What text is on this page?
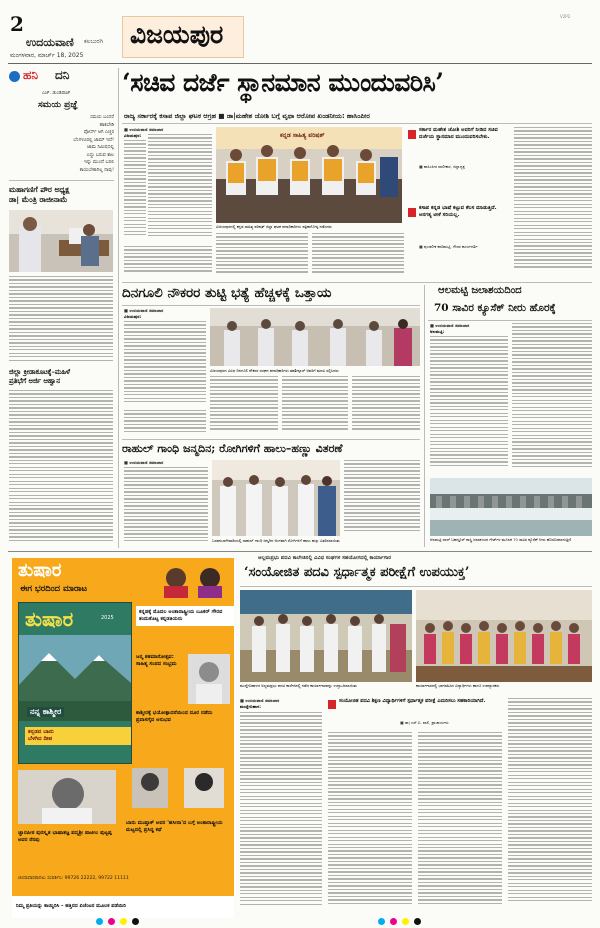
2
ಉದಯವಾಣಿ ಕಲಬುರಗಿ
ಮಂಗಳವಾರ, ಮಾರ್ಚ್ 18, 2025
ವಿಜಯಪುರ
V2P2
ಹನಿ ದನಿ
ಎಚ್. ಡುಂಡಿರಾಜ್
ಸಮಯ ಪ್ರಜ್ಞೆ
ಸಮಯ ಬಂದರೆ
ಹಾಕಬೇಡಿ
ಪೋರ್ಸ್ ಆಗಿ ಎಚ್ಚರ
ಬೆಂಗಳೂರಲ್ಲಿ ಜಾಮ್ ಇದೆ!
ಜಾಮ ನಿಮಿಷದಲ್ಲಿ
ಎದ್ದು ಬರುವ ಕಾಲ
ಇನ್ನು ಮುಂದೆ ಬರಲಿ
ಕಾಯಬೇಕಾಗಿಲ್ಲ ನಾವು!
ಮಹಾಗಣಿಗೆ ಪೌರ ಅಧ್ಯಕ್ಷ
ಡಾ| ಮೆಂತ್ರಿ ರಾಜೀನಾಮೆ
ಜಿಲ್ಲಾ ಕ್ರೀಡಾಕೂಟಕ್ಕೆ–ಮಹಿಳೆ
ಪ್ರತಿಭೆಗೆ ಅರ್ಜಿ ಆಹ್ವಾನ
‘ಸಚಿವ ದರ್ಜೆ ಸ್ಥಾನಮಾನ ಮುಂದುವರಿಸಿ’
ರಾಜ್ಯ ಸರ್ಕಾರಕ್ಕೆ ಕಸಾಪ ಜಿಲ್ಲಾ ಘಟಕ ಆಗ್ರಹ ■ ಡಾ|ಮಹೇಶ ಜೋಶಿ ಬಗ್ಗೆ ವೃಥಾ ಆರೋಪ ಖಂಡನೀಯ: ಹಾಸಿಂಪೀರ
■ ಉದಯವಾಣಿ ಸಮಾಚಾರ
ವಿಜಯಪುರ:	ಕನ್ನಡ ಸಾಹಿತ್ಯ ಪರಿಷತ್
ವಿಜಯಪುರದಲ್ಲಿ ಕನ್ನಡ ಸಾಹಿತ್ಯ ಪರಿಷತ್ ಜಿಲ್ಲಾ ಘಟಕ ಪದಾಧಿಕಾರಿಗಳು ಪತ್ರಿಕಾಗೋಷ್ಠಿ ನಡೆಸಿದರು
ಸರ್ಕಾರ ಮಹೇಶ ಜೋಶಿ ಅವರಿಗೆ ನೀಡಿದ ಸಚಿವ ದರ್ಜೆಯ ಸ್ಥಾನಮಾನ ಮುಂದುವರಿಸಬೇಕು.
■ ಹಾಸಿಂಪೀರ ವಾಲೀಕಾರ, ಜಿಲ್ಲಾಧ್ಯಕ್ಷ
ಕಸಾಪ ಕನ್ನಡ ಭಾಷೆ ಕಟ್ಟುವ ಕೆಲಸ ಮಾಡುತ್ತಿದೆ. ಅನಗತ್ಯ ಟೀಕೆ ಸರಿಯಲ್ಲ.
■ ಪುಂಡಲೀಕ ಕವಡಿಮಟ್ಟಿ, ಗೌರವ ಕಾರ್ಯದರ್ಶಿ
ದಿನಗೂಲಿ ನೌಕರರ ತುಟ್ಟಿ ಭತ್ಯೆ ಹೆಚ್ಚಳಕ್ಕೆ ಒತ್ತಾಯ
■ ಉದಯವಾಣಿ ಸಮಾಚಾರ
ವಿಜಯಪುರ:
ವಿಜಯಪುರದ ವಿವಿಧ ದಿನಗೂಲಿ ನೌಕರರ ಸಂಘದ ಪದಾಧಿಕಾರಿಗಳು ತಹಶೀಲ್ದಾರ್ ಅವರಿಗೆ ಮನವಿ ಸಲ್ಲಿಸಿದರು
ರಾಹುಲ್ ಗಾಂಧಿ ಜನ್ಮದಿನ; ರೋಗಿಗಳಿಗೆ ಹಾಲು–ಹಣ್ಣು ವಿತರಣೆ
■ ಉದಯವಾಣಿ ಸಮಾಚಾರ
ಬಸವನಬಾಗೇವಾಡಿಯಲ್ಲಿ ರಾಹುಲ್ ಗಾಂಧಿ ಜನ್ಮದಿನ ಅಂಗವಾಗಿ ರೋಗಿಗಳಿಗೆ ಹಾಲು ಹಣ್ಣು ವಿತರಿಸಲಾಯಿತು
ಆಲಮಟ್ಟಿ ಜಲಾಶಯದಿಂದ
70 ಸಾವಿರ ಕ್ಯೂಸೆಕ್ ನೀರು ಹೊರಕ್ಕೆ
■ ಉದಯವಾಣಿ ಸಮಾಚಾರ
ಆಲಮಟ್ಟಿ:
ಆಲಮಟ್ಟಿ ಲಾಲ್ ಬಹದ್ದೂರ್ ಶಾಸ್ತ್ರಿ ಜಲಾಶಯದ ಗೇಟ್‌ಗಳ ಮೂಲಕ 70 ಸಾವಿರ ಕ್ಯೂಸೆಕ್ ನೀರು ಹೊರಬಿಡಲಾಗುತ್ತಿದೆ
ತುಷಾರ
ಈಗ ಭರದಿಂದ ಮಾರಾಟ
ತುಷಾರ	2025
ನನ್ನ ಕಾಶ್ಮೀರ
ಕನ್ನಡದ ಬಾನು
ಬೆಳಗಿದ ದೀಪ
ಕನ್ನಡಕ್ಕೆ ಮೊದಲ ಅಂತಾರಾಷ್ಟ್ರೀಯ ಬೂಕರ್ ಗೌರವ ತಂದುಕೊಟ್ಟ ಕನ್ನಡತಿಯರು
ಜನ್ಮ ಶತಮಾನೋತ್ಸವ: ಸಾಹಿತ್ಯ ಸಂಪದ ಸಂಭ್ರಮ
ಕಾಶ್ಮೀರಕ್ಕೆ ಭಯೋತ್ಪಾದನೆಯಿಂದ ದೂರ ನಡೆದು ಪ್ರವಾಸಗೈದ ಅನುಭವ
ಜ್ಞಾನಪೀಠ ಪುರಸ್ಕೃತ ಭಾಷಾತಜ್ಞ ಪದ್ಮಶ್ರೀ ಪಾಟೀಲ ಪುಟ್ಟಪ್ಪ ಅವರ ನೆನಪು
ಬಾನು ಮುಷ್ತಾಕ್ ಅವರ 'ಹಸೀನಾ'ದ ಬಗ್ಗೆ ಅಂತಾರಾಷ್ಟ್ರೀಯ ಮಟ್ಟದಲ್ಲಿ ಪ್ರಸಿದ್ಧ ಕಥೆ
ಚಂದಾದಾರರಾಗಲು ಸಂಪರ್ಕಿಸಿ: 99726 22222, 99722 11111
ನಿಮ್ಮ ಪ್ರತಿಯನ್ನು ಕಾಯ್ದಿರಿಸಿ – ಹತ್ತಿರದ ಏಜೆಂಟರ ಮೂಲಕ ಪಡೆಯಿರಿ
ಆಲ್ಲಮಪ್ರಭು ಪದವಿ ಕಾಲೇಜಿನಲ್ಲಿ ವಿವಿಧ ಸಂಘಗಳ ಸಹಯೋಗದಲ್ಲಿ ಕಾರ್ಯಾಗಾರ
‘ಸಂಯೋಜಿತ ಪದವಿ ಸ್ಪರ್ಧಾತ್ಮಕ ಪರೀಕ್ಷೆಗೆ ಉಪಯುಕ್ತ’
ಮುದ್ದೇಬಿಹಾಳದ ಅಲ್ಲಮಪ್ರಭು ಪದವಿ ಕಾಲೇಜಿನಲ್ಲಿ ನಡೆದ ಕಾರ್ಯಾಗಾರವನ್ನು ಉದ್ಘಾಟಿಸಲಾಯಿತು	ಕಾರ್ಯಾಗಾರದಲ್ಲಿ ಭಾಗವಹಿಸಿದ ವಿದ್ಯಾರ್ಥಿಗಳು ಹಾಗೂ ಉಪನ್ಯಾಸಕರು
■ ಉದಯವಾಣಿ ಸಮಾಚಾರ
ಮುದ್ದೇಬಿಹಾಳ:
ಸಂಯೋಜಿತ ಪದವಿ ಶಿಕ್ಷಣ ವಿದ್ಯಾರ್ಥಿಗಳಿಗೆ ಸ್ಪರ್ಧಾತ್ಮಕ ಪರೀಕ್ಷೆ ಎದುರಿಸಲು ಸಹಕಾರಿಯಾಗಿದೆ.
■ ಡಾ| ಎಸ್.ಬಿ. ವಾಲಿ, ಪ್ರಾಚಾರ್ಯರು
